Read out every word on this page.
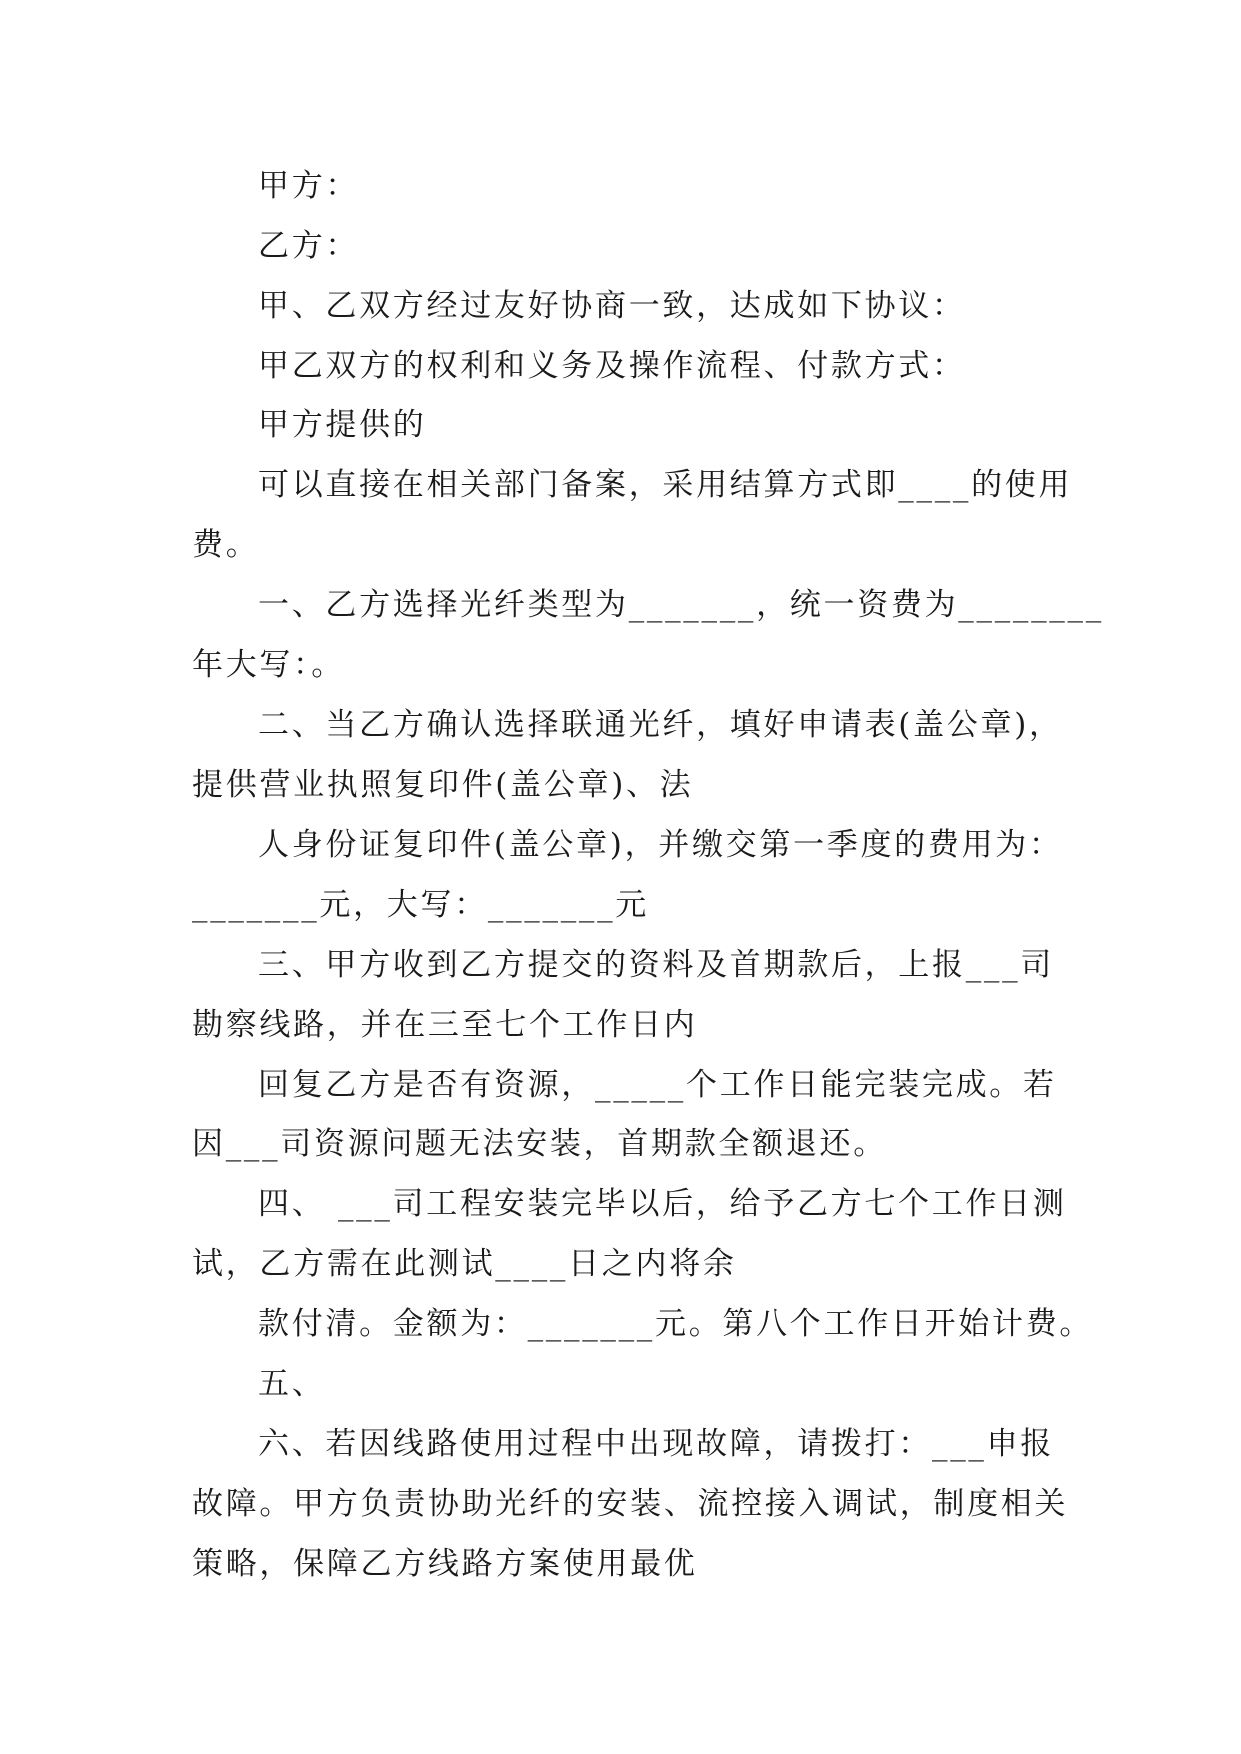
甲方：
乙方：
甲、乙双方经过友好协商一致，达成如下协议：
甲乙双方的权利和义务及操作流程、付款方式：
甲方提供的
可以直接在相关部门备案，采用结算方式即____的使用
费。
一、乙方选择光纤类型为_______，统一资费为________
年大写：。
二、当乙方确认选择联通光纤，填好申请表(盖公章)，
提供营业执照复印件(盖公章)、法
人身份证复印件(盖公章)，并缴交第一季度的费用为：
_______元，大写：_______元
三、甲方收到乙方提交的资料及首期款后，上报___司
勘察线路，并在三至七个工作日内
回复乙方是否有资源，_____个工作日能完装完成。若
因___司资源问题无法安装，首期款全额退还。
四、 ___司工程安装完毕以后，给予乙方七个工作日测
试，乙方需在此测试____日之内将余
款付清。金额为：_______元。第八个工作日开始计费。
五、
六、若因线路使用过程中出现故障，请拨打：___申报
故障。甲方负责协助光纤的安装、流控接入调试，制度相关
策略，保障乙方线路方案使用最优
